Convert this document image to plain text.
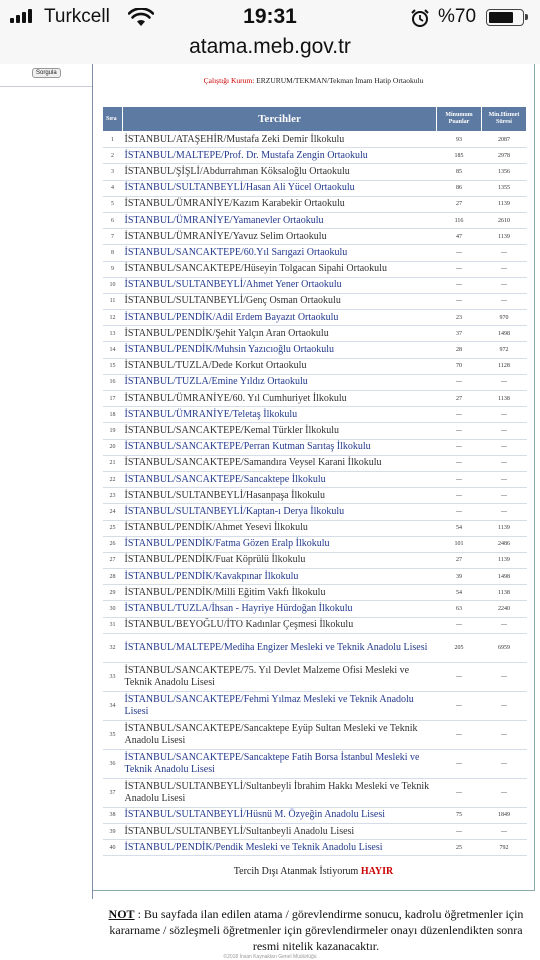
Turkcell	19:31	%70
atama.meb.gov.tr
Sorgula
Çalıştığı Kurum: ERZURUM/TEKMAN/Tekman İmam Hatip Ortaokulu
Sıra	Tercihler	Minumum Puanlar	Min.Hizmet Süresi
1	İSTANBUL/ATAŞEHİR/Mustafa Zeki Demir İlkokulu	93	2087
2	İSTANBUL/MALTEPE/Prof. Dr. Mustafa Zengin Ortaokulu	185	2978
3	İSTANBUL/ŞİŞLİ/Abdurrahman Köksaloğlu Ortaokulu	85	1356
4	İSTANBUL/SULTANBEYLİ/Hasan Ali Yücel Ortaokulu	86	1355
5	İSTANBUL/ÜMRANİYE/Kazım Karabekir Ortaokulu	27	1139
6	İSTANBUL/ÜMRANİYE/Yamanevler Ortaokulu	116	2610
7	İSTANBUL/ÜMRANİYE/Yavuz Selim Ortaokulu	47	1139
8	İSTANBUL/SANCAKTEPE/60.Yıl Sarıgazi Ortaokulu	---	---
9	İSTANBUL/SANCAKTEPE/Hüseyin Tolgacan Sipahi Ortaokulu	---	---
10	İSTANBUL/SULTANBEYLİ/Ahmet Yener Ortaokulu	---	---
11	İSTANBUL/SULTANBEYLİ/Genç Osman Ortaokulu	---	---
12	İSTANBUL/PENDİK/Adil Erdem Bayazıt Ortaokulu	23	970
13	İSTANBUL/PENDİK/Şehit Yalçın Aran Ortaokulu	37	1498
14	İSTANBUL/PENDİK/Muhsin Yazıcıoğlu Ortaokulu	28	972
15	İSTANBUL/TUZLA/Dede Korkut Ortaokulu	70	1128
16	İSTANBUL/TUZLA/Emine Yıldız Ortaokulu	---	---
17	İSTANBUL/ÜMRANİYE/60. Yıl Cumhuriyet İlkokulu	27	1138
18	İSTANBUL/ÜMRANİYE/Teletaş İlkokulu	---	---
19	İSTANBUL/SANCAKTEPE/Kemal Türkler İlkokulu	---	---
20	İSTANBUL/SANCAKTEPE/Perran Kutman Sarıtaş İlkokulu	---	---
21	İSTANBUL/SANCAKTEPE/Samandıra Veysel Karani İlkokulu	---	---
22	İSTANBUL/SANCAKTEPE/Sancaktepe İlkokulu	---	---
23	İSTANBUL/SULTANBEYLİ/Hasanpaşa İlkokulu	---	---
24	İSTANBUL/SULTANBEYLİ/Kaptan-ı Derya İlkokulu	---	---
25	İSTANBUL/PENDİK/Ahmet Yesevi İlkokulu	54	1139
26	İSTANBUL/PENDİK/Fatma Gözen Eralp İlkokulu	101	2486
27	İSTANBUL/PENDİK/Fuat Köprülü İlkokulu	27	1139
28	İSTANBUL/PENDİK/Kavakpınar İlkokulu	39	1498
29	İSTANBUL/PENDİK/Milli Eğitim Vakfı İlkokulu	54	1138
30	İSTANBUL/TUZLA/İhsan - Hayriye Hürdoğan İlkokulu	63	2240
31	İSTANBUL/BEYOĞLU/İTO Kadınlar Çeşmesi İlkokulu	---	---
32	İSTANBUL/MALTEPE/Mediha Engizer Mesleki ve Teknik Anadolu Lisesi	205	6959
33	İSTANBUL/SANCAKTEPE/75. Yıl Devlet Malzeme Ofisi Mesleki ve Teknik Anadolu Lisesi	---	---
34	İSTANBUL/SANCAKTEPE/Fehmi Yılmaz Mesleki ve Teknik Anadolu Lisesi	---	---
35	İSTANBUL/SANCAKTEPE/Sancaktepe Eyüp Sultan Mesleki ve Teknik Anadolu Lisesi	---	---
36	İSTANBUL/SANCAKTEPE/Sancaktepe Fatih Borsa İstanbul Mesleki ve Teknik Anadolu Lisesi	---	---
37	İSTANBUL/SULTANBEYLİ/Sultanbeyli İbrahim Hakkı Mesleki ve Teknik Anadolu Lisesi	---	---
38	İSTANBUL/SULTANBEYLİ/Hüsnü M. Özyeğin Anadolu Lisesi	75	1849
39	İSTANBUL/SULTANBEYLİ/Sultanbeyli Anadolu Lisesi	---	---
40	İSTANBUL/PENDİK/Pendik Mesleki ve Teknik Anadolu Lisesi	25	792
Tercih Dışı Atanmak İstiyorum HAYIR
NOT : Bu sayfada ilan edilen atama / görevlendirme sonucu, kadrolu öğretmenler için kararname / sözleşmeli öğretmenler için görevlendirmeler onayı düzenlendikten sonra resmi nitelik kazanacaktır.
©2018 İnsan Kaynakları Genel Müdürlüğü
